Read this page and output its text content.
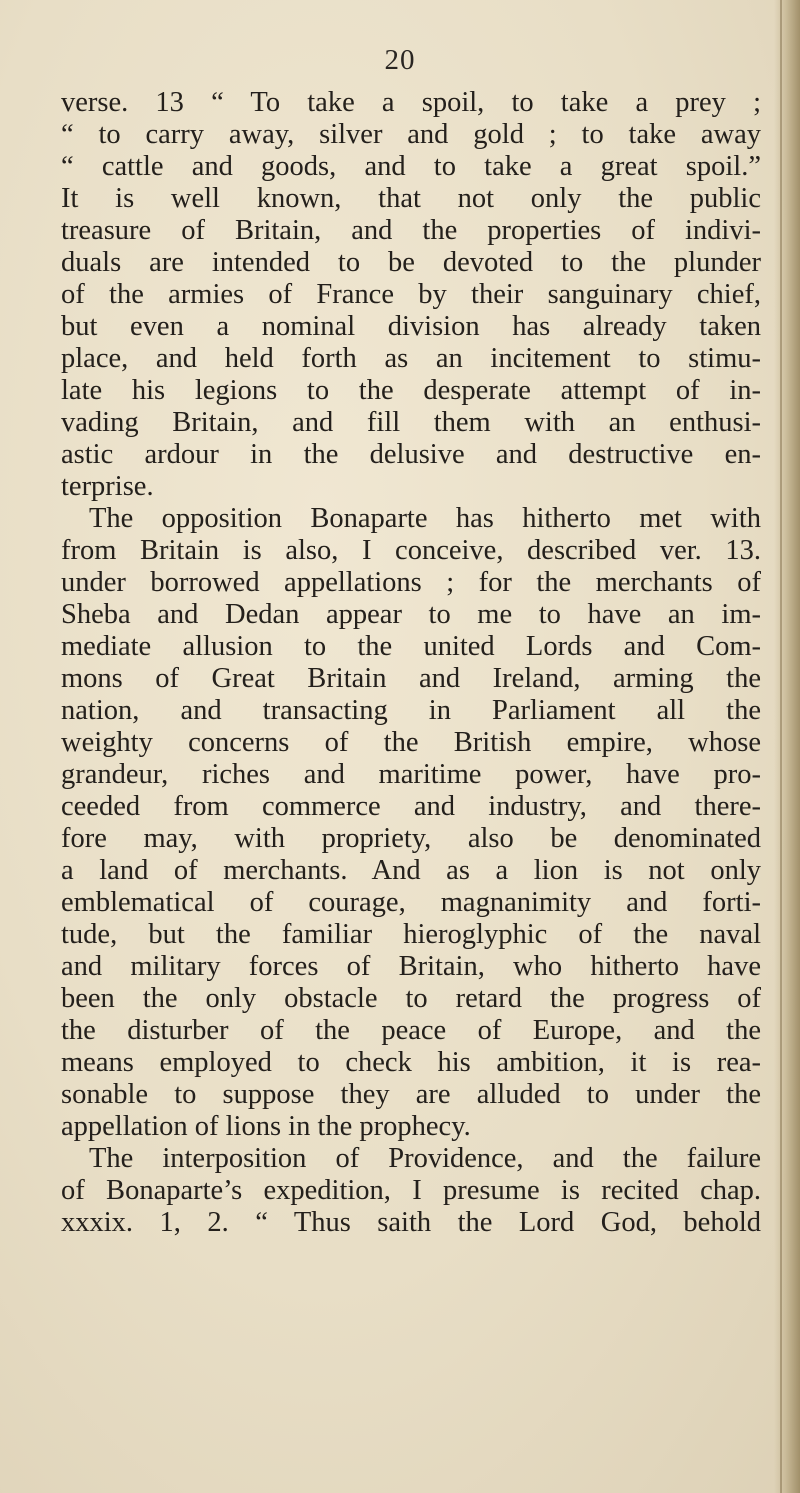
20
verse. 13 “ To take a spoil, to take a prey ;
“ to carry away, silver and gold ; to take away
“ cattle and goods, and to take a great spoil.”
It is well known, that not only the public
treasure of Britain, and the properties of indivi-
duals are intended to be devoted to the plunder
of the armies of France by their sanguinary chief,
but even a nominal division has already taken
place, and held forth as an incitement to stimu-
late his legions to the desperate attempt of in-
vading Britain, and fill them with an enthusi-
astic ardour in the delusive and destructive en-
terprise.
The opposition Bonaparte has hitherto met with
from Britain is also, I conceive, described ver. 13.
under borrowed appellations ; for the merchants of
Sheba and Dedan appear to me to have an im-
mediate allusion to the united Lords and Com-
mons of Great Britain and Ireland, arming the
nation, and transacting in Parliament all the
weighty concerns of the British empire, whose
grandeur, riches and maritime power, have pro-
ceeded from commerce and industry, and there-
fore may, with propriety, also be denominated
a land of merchants. And as a lion is not only
emblematical of courage, magnanimity and forti-
tude, but the familiar hieroglyphic of the naval
and military forces of Britain, who hitherto have
been the only obstacle to retard the progress of
the disturber of the peace of Europe, and the
means employed to check his ambition, it is rea-
sonable to suppose they are alluded to under the
appellation of lions in the prophecy.
The interposition of Providence, and the failure
of Bonaparte’s expedition, I presume is recited chap.
xxxix. 1, 2. “ Thus saith the Lord God, behold
